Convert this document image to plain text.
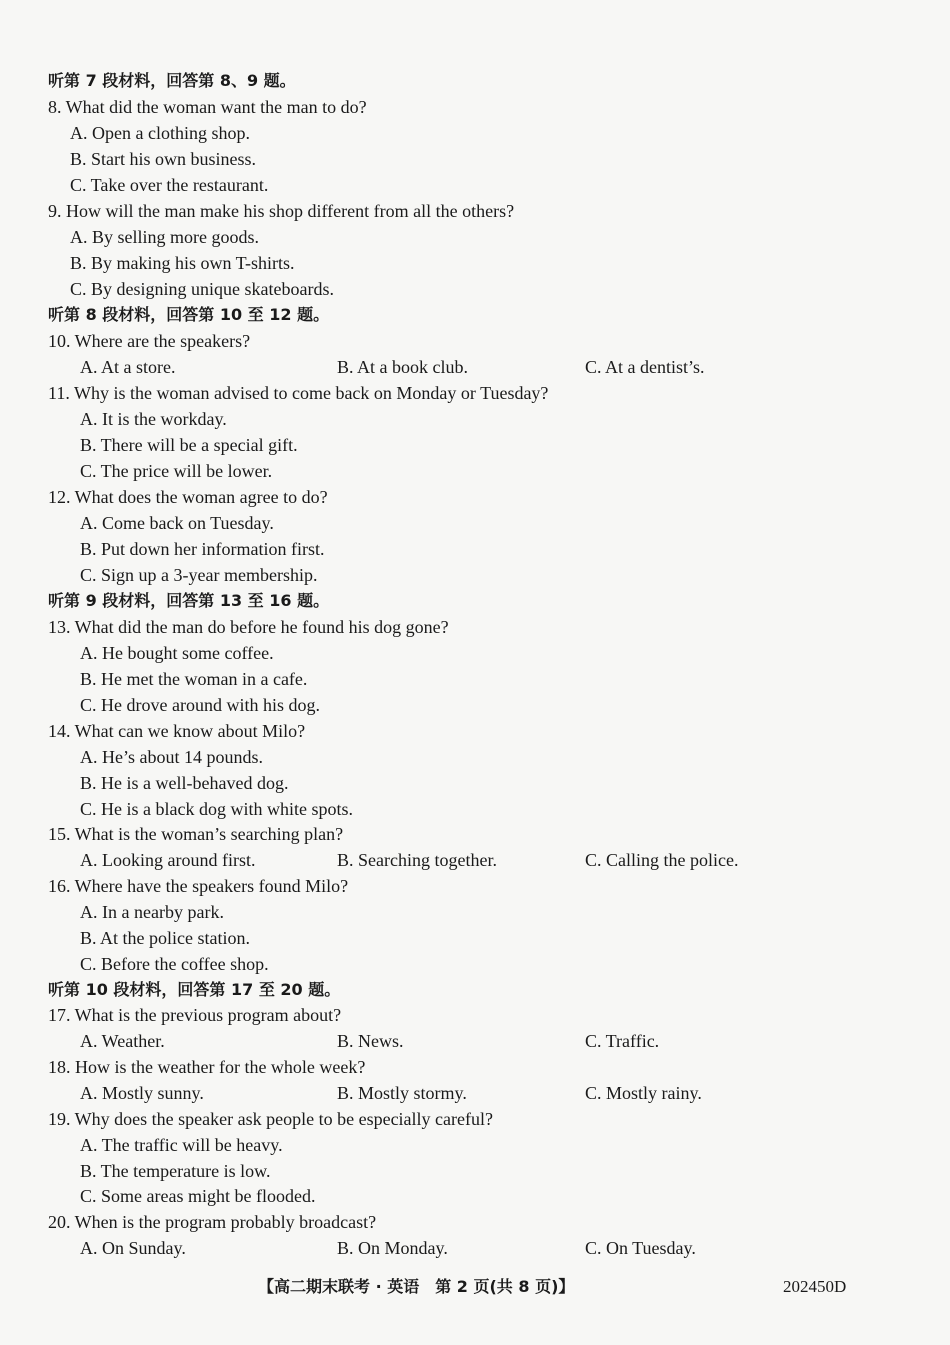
听第 7 段材料，回答第 8、9 题。
8. What did the woman want the man to do?
A. Open a clothing shop.
B. Start his own business.
C. Take over the restaurant.
9. How will the man make his shop different from all the others?
A. By selling more goods.
B. By making his own T-shirts.
C. By designing unique skateboards.
听第 8 段材料，回答第 10 至 12 题。
10. Where are the speakers?
A. At a store.	B. At a book club.	C. At a dentist’s.
11. Why is the woman advised to come back on Monday or Tuesday?
A. It is the workday.
B. There will be a special gift.
C. The price will be lower.
12. What does the woman agree to do?
A. Come back on Tuesday.
B. Put down her information first.
C. Sign up a 3-year membership.
听第 9 段材料，回答第 13 至 16 题。
13. What did the man do before he found his dog gone?
A. He bought some coffee.
B. He met the woman in a cafe.
C. He drove around with his dog.
14. What can we know about Milo?
A. He’s about 14 pounds.
B. He is a well-behaved dog.
C. He is a black dog with white spots.
15. What is the woman’s searching plan?
A. Looking around first.	B. Searching together.	C. Calling the police.
16. Where have the speakers found Milo?
A. In a nearby park.
B. At the police station.
C. Before the coffee shop.
听第 10 段材料，回答第 17 至 20 题。
17. What is the previous program about?
A. Weather.	B. News.	C. Traffic.
18. How is the weather for the whole week?
A. Mostly sunny.	B. Mostly stormy.	C. Mostly rainy.
19. Why does the speaker ask people to be especially careful?
A. The traffic will be heavy.
B. The temperature is low.
C. Some areas might be flooded.
20. When is the program probably broadcast?
A. On Sunday.	B. On Monday.	C. On Tuesday.
【高二期末联考 · 英语　第 2 页(共 8 页)】	202450D
